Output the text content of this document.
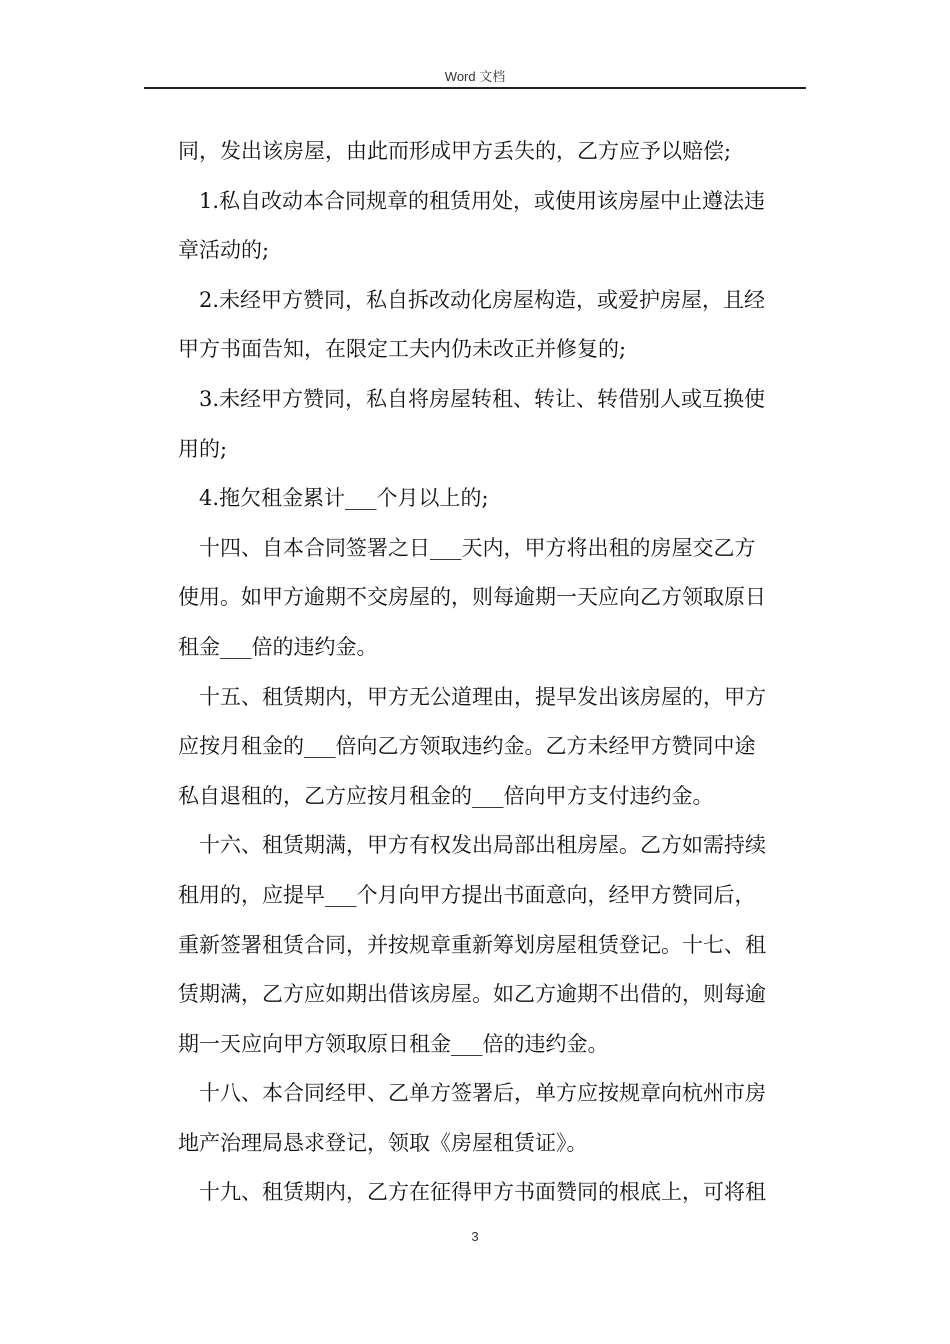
Word 文档
同，发出该房屋，由此而形成甲方丢失的，乙方应予以赔偿;
1.私自改动本合同规章的租赁用处，或使用该房屋中止遵法违
章活动的;
2.未经甲方赞同，私自拆改动化房屋构造，或爱护房屋，且经
甲方书面告知，在限定工夫内仍未改正并修复的;
3.未经甲方赞同，私自将房屋转租、转让、转借别人或互换使
用的;
4.拖欠租金累计___个月以上的;
十四、自本合同签署之日___天内，甲方将出租的房屋交乙方
使用。如甲方逾期不交房屋的，则每逾期一天应向乙方领取原日
租金___倍的违约金。
十五、租赁期内，甲方无公道理由，提早发出该房屋的，甲方
应按月租金的___倍向乙方领取违约金。乙方未经甲方赞同中途
私自退租的，乙方应按月租金的___倍向甲方支付违约金。
十六、租赁期满，甲方有权发出局部出租房屋。乙方如需持续
租用的，应提早___个月向甲方提出书面意向，经甲方赞同后，
重新签署租赁合同，并按规章重新筹划房屋租赁登记。十七、租
赁期满，乙方应如期出借该房屋。如乙方逾期不出借的，则每逾
期一天应向甲方领取原日租金___倍的违约金。
十八、本合同经甲、乙单方签署后，单方应按规章向杭州市房
地产治理局恳求登记，领取《房屋租赁证》。
十九、租赁期内，乙方在征得甲方书面赞同的根底上，可将租
3
